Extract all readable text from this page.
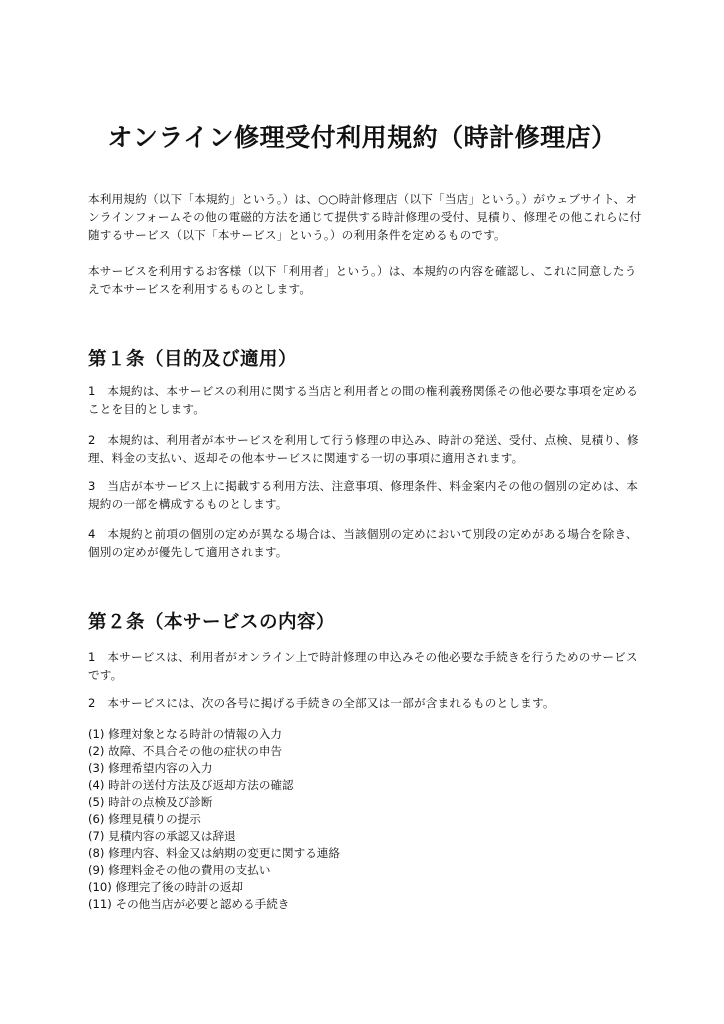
オンライン修理受付利用規約（時計修理店）

本利用規約（以下「本規約」という。）は、○○時計修理店（以下「当店」という。）がウェブサイト、オンラインフォームその他の電磁的方法を通じて提供する時計修理の受付、見積り、修理その他これらに付随するサービス（以下「本サービス」という。）の利用条件を定めるものです。

本サービスを利用するお客様（以下「利用者」という。）は、本規約の内容を確認し、これに同意したうえで本サービスを利用するものとします。

第１条（目的及び適用）

1　本規約は、本サービスの利用に関する当店と利用者との間の権利義務関係その他必要な事項を定めることを目的とします。

2　本規約は、利用者が本サービスを利用して行う修理の申込み、時計の発送、受付、点検、見積り、修理、料金の支払い、返却その他本サービスに関連する一切の事項に適用されます。

3　当店が本サービス上に掲載する利用方法、注意事項、修理条件、料金案内その他の個別の定めは、本規約の一部を構成するものとします。

4　本規約と前項の個別の定めが異なる場合は、当該個別の定めにおいて別段の定めがある場合を除き、個別の定めが優先して適用されます。

第２条（本サービスの内容）

1　本サービスは、利用者がオンライン上で時計修理の申込みその他必要な手続きを行うためのサービスです。

2　本サービスには、次の各号に掲げる手続きの全部又は一部が含まれるものとします。

(1) 修理対象となる時計の情報の入力
(2) 故障、不具合その他の症状の申告
(3) 修理希望内容の入力
(4) 時計の送付方法及び返却方法の確認
(5) 時計の点検及び診断
(6) 修理見積りの提示
(7) 見積内容の承認又は辞退
(8) 修理内容、料金又は納期の変更に関する連絡
(9) 修理料金その他の費用の支払い
(10) 修理完了後の時計の返却
(11) その他当店が必要と認める手続き
